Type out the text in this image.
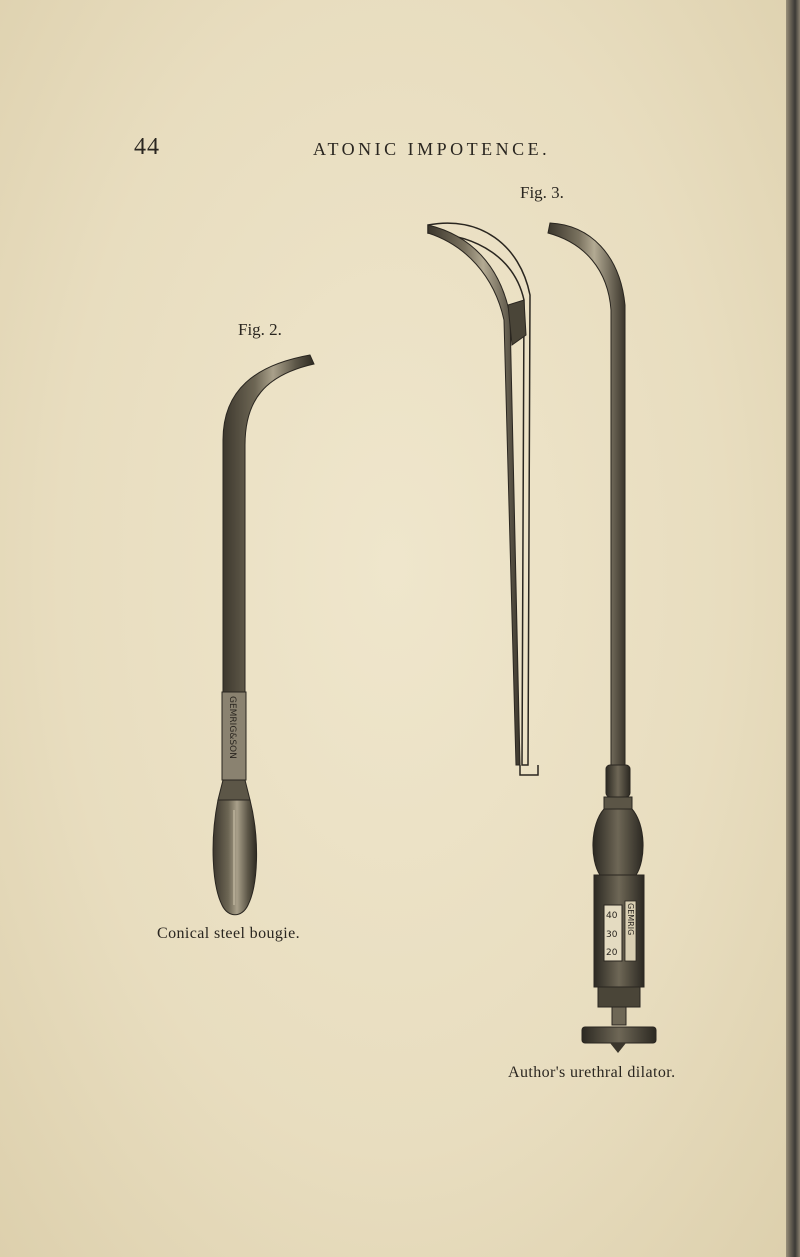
44	ATONIC IMPOTENCE.
Fig. 2.
GEMRIG&SON
Conical steel bougie.
Fig. 3.
40
30
20
GEMRIG
Author's urethral dilator.
